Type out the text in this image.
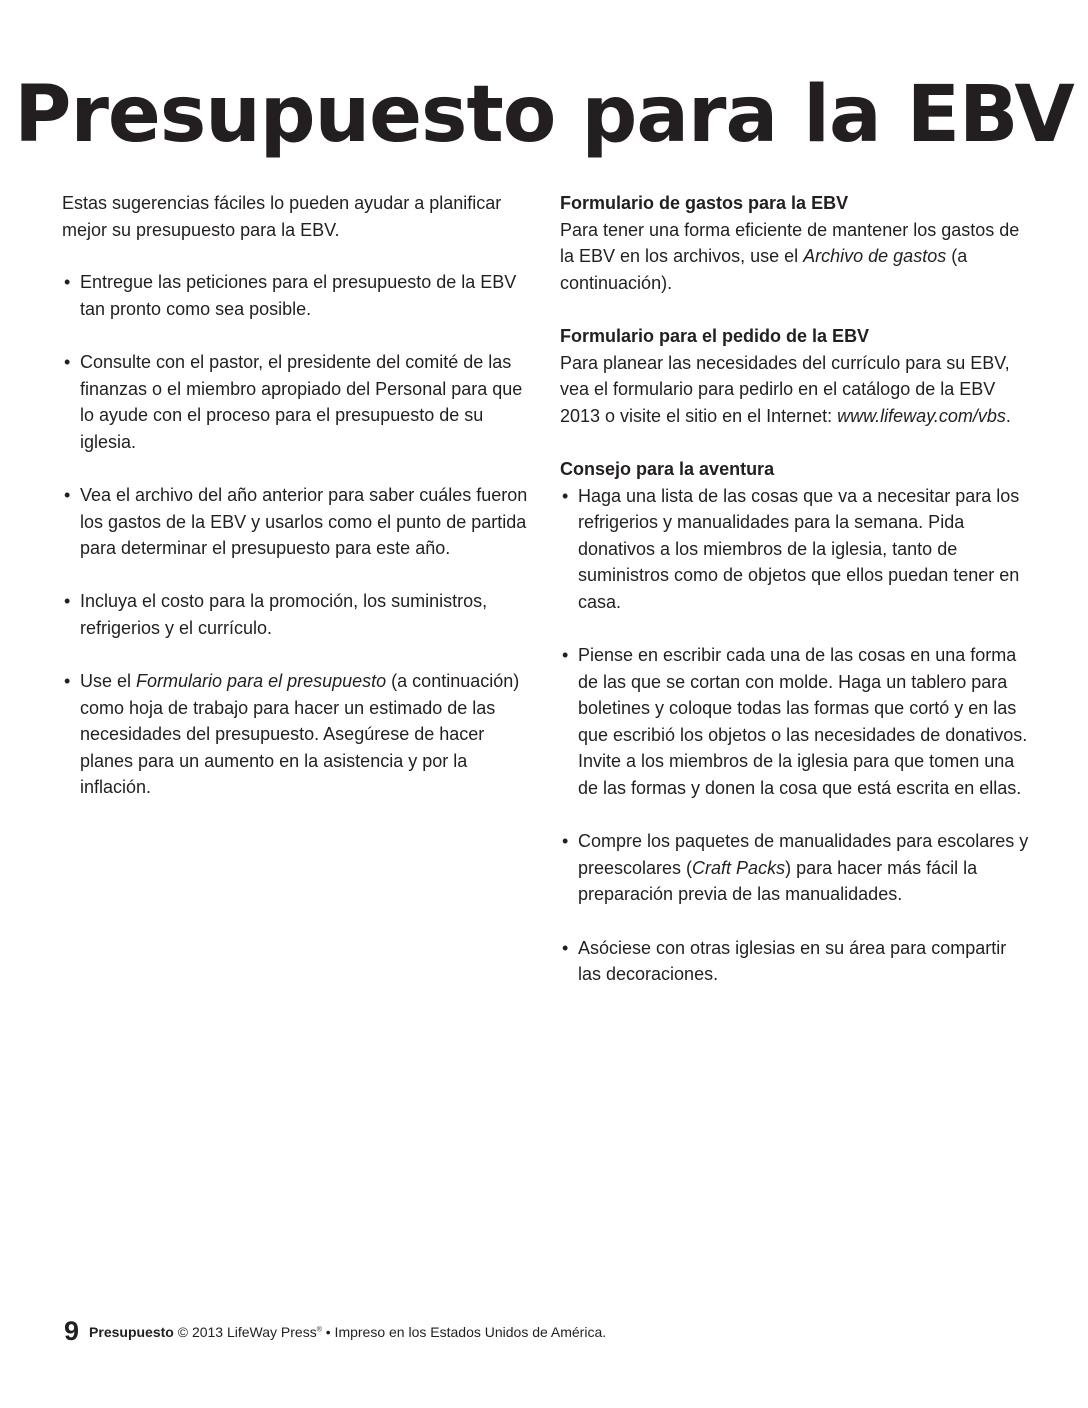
Presupuesto para la EBV

Estas sugerencias fáciles lo pueden ayudar a planificar mejor su presupuesto para la EBV.

• Entregue las peticiones para el presupuesto de la EBV tan pronto como sea posible.
• Consulte con el pastor, el presidente del comité de las finanzas o el miembro apropiado del Personal para que lo ayude con el proceso para el presupuesto de su iglesia.
• Vea el archivo del año anterior para saber cuáles fueron los gastos de la EBV y usarlos como el punto de partida para determinar el presupuesto para este año.
• Incluya el costo para la promoción, los suministros, refrigerios y el currículo.
• Use el Formulario para el presupuesto (a continuación) como hoja de trabajo para hacer un estimado de las necesidades del presupuesto. Asegúrese de hacer planes para un aumento en la asistencia y por la inflación.

Formulario de gastos para la EBV

Para tener una forma eficiente de mantener los gastos de la EBV en los archivos, use el Archivo de gastos (a continuación).

Formulario para el pedido de la EBV

Para planear las necesidades del currículo para su EBV, vea el formulario para pedirlo en el catálogo de la EBV 2013 o visite el sitio en el Internet: www.lifeway.com/vbs.

Consejo para la aventura

• Haga una lista de las cosas que va a necesitar para los refrigerios y manualidades para la semana. Pida donativos a los miembros de la iglesia, tanto de suministros como de objetos que ellos puedan tener en casa.
• Piense en escribir cada una de las cosas en una forma de las que se cortan con molde. Haga un tablero para boletines y coloque todas las formas que cortó y en las que escribió los objetos o las necesidades de donativos. Invite a los miembros de la iglesia para que tomen una de las formas y donen la cosa que está escrita en ellas.
• Compre los paquetes de manualidades para escolares y preescolares (Craft Packs) para hacer más fácil la preparación previa de las manualidades.
• Asóciese con otras iglesias en su área para compartir las decoraciones.
9 Presupuesto © 2013 LifeWay Press® • Impreso en los Estados Unidos de América.
